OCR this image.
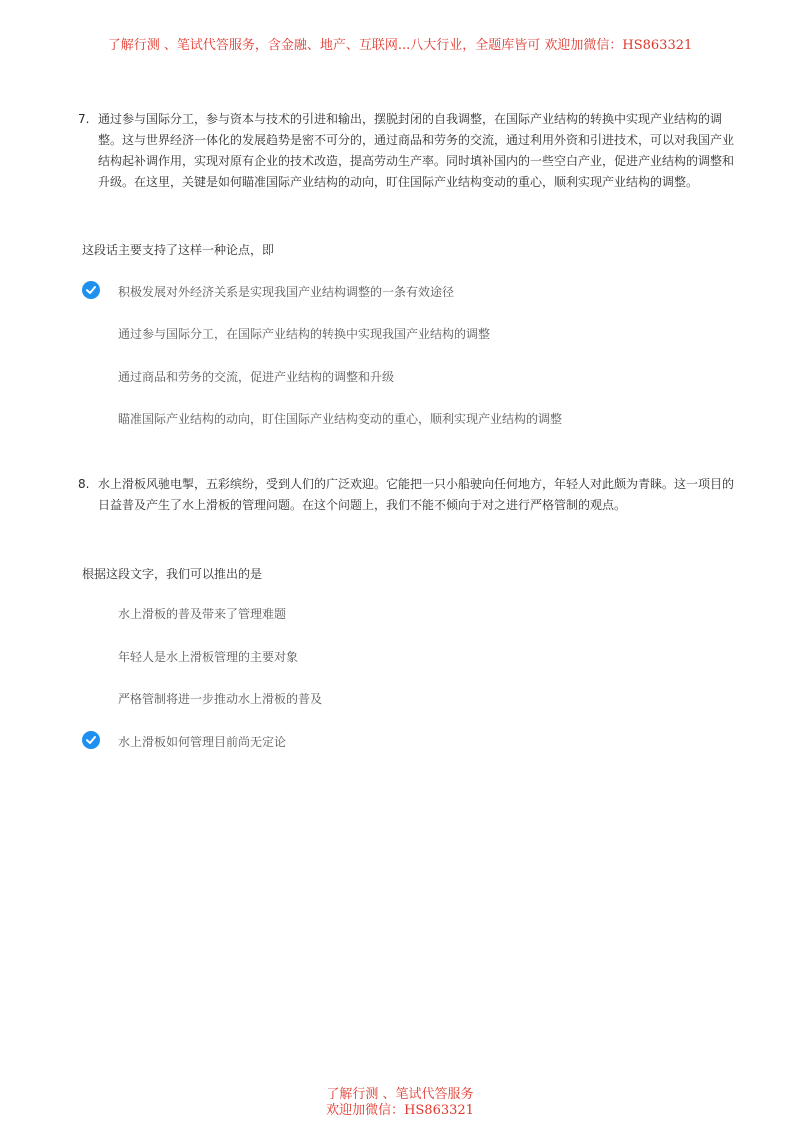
了解行测 、笔试代答服务，含金融、地产、互联网...八大行业，全题库皆可 欢迎加微信：HS863321
7. 通过参与国际分工，参与资本与技术的引进和输出，摆脱封闭的自我调整，在国际产业结构的转换中实现产业结构的调整。这与世界经济一体化的发展趋势是密不可分的，通过商品和劳务的交流，通过利用外资和引进技术，可以对我国产业结构起补调作用，实现对原有企业的技术改造，提高劳动生产率。同时填补国内的一些空白产业，促进产业结构的调整和升级。在这里，关键是如何瞄准国际产业结构的动向，盯住国际产业结构变动的重心，顺利实现产业结构的调整。
这段话主要支持了这样一种论点，即
积极发展对外经济关系是实现我国产业结构调整的一条有效途径
通过参与国际分工，在国际产业结构的转换中实现我国产业结构的调整
通过商品和劳务的交流，促进产业结构的调整和升级
瞄准国际产业结构的动向，盯住国际产业结构变动的重心，顺利实现产业结构的调整
8. 水上滑板风驰电掣，五彩缤纷，受到人们的广泛欢迎。它能把一只小船驶向任何地方，年轻人对此颇为青睐。这一项目的日益普及产生了水上滑板的管理问题。在这个问题上，我们不能不倾向于对之进行严格管制的观点。
根据这段文字，我们可以推出的是
水上滑板的普及带来了管理难题
年轻人是水上滑板管理的主要对象
严格管制将进一步推动水上滑板的普及
水上滑板如何管理目前尚无定论
了解行测 、笔试代答服务
欢迎加微信：HS863321
